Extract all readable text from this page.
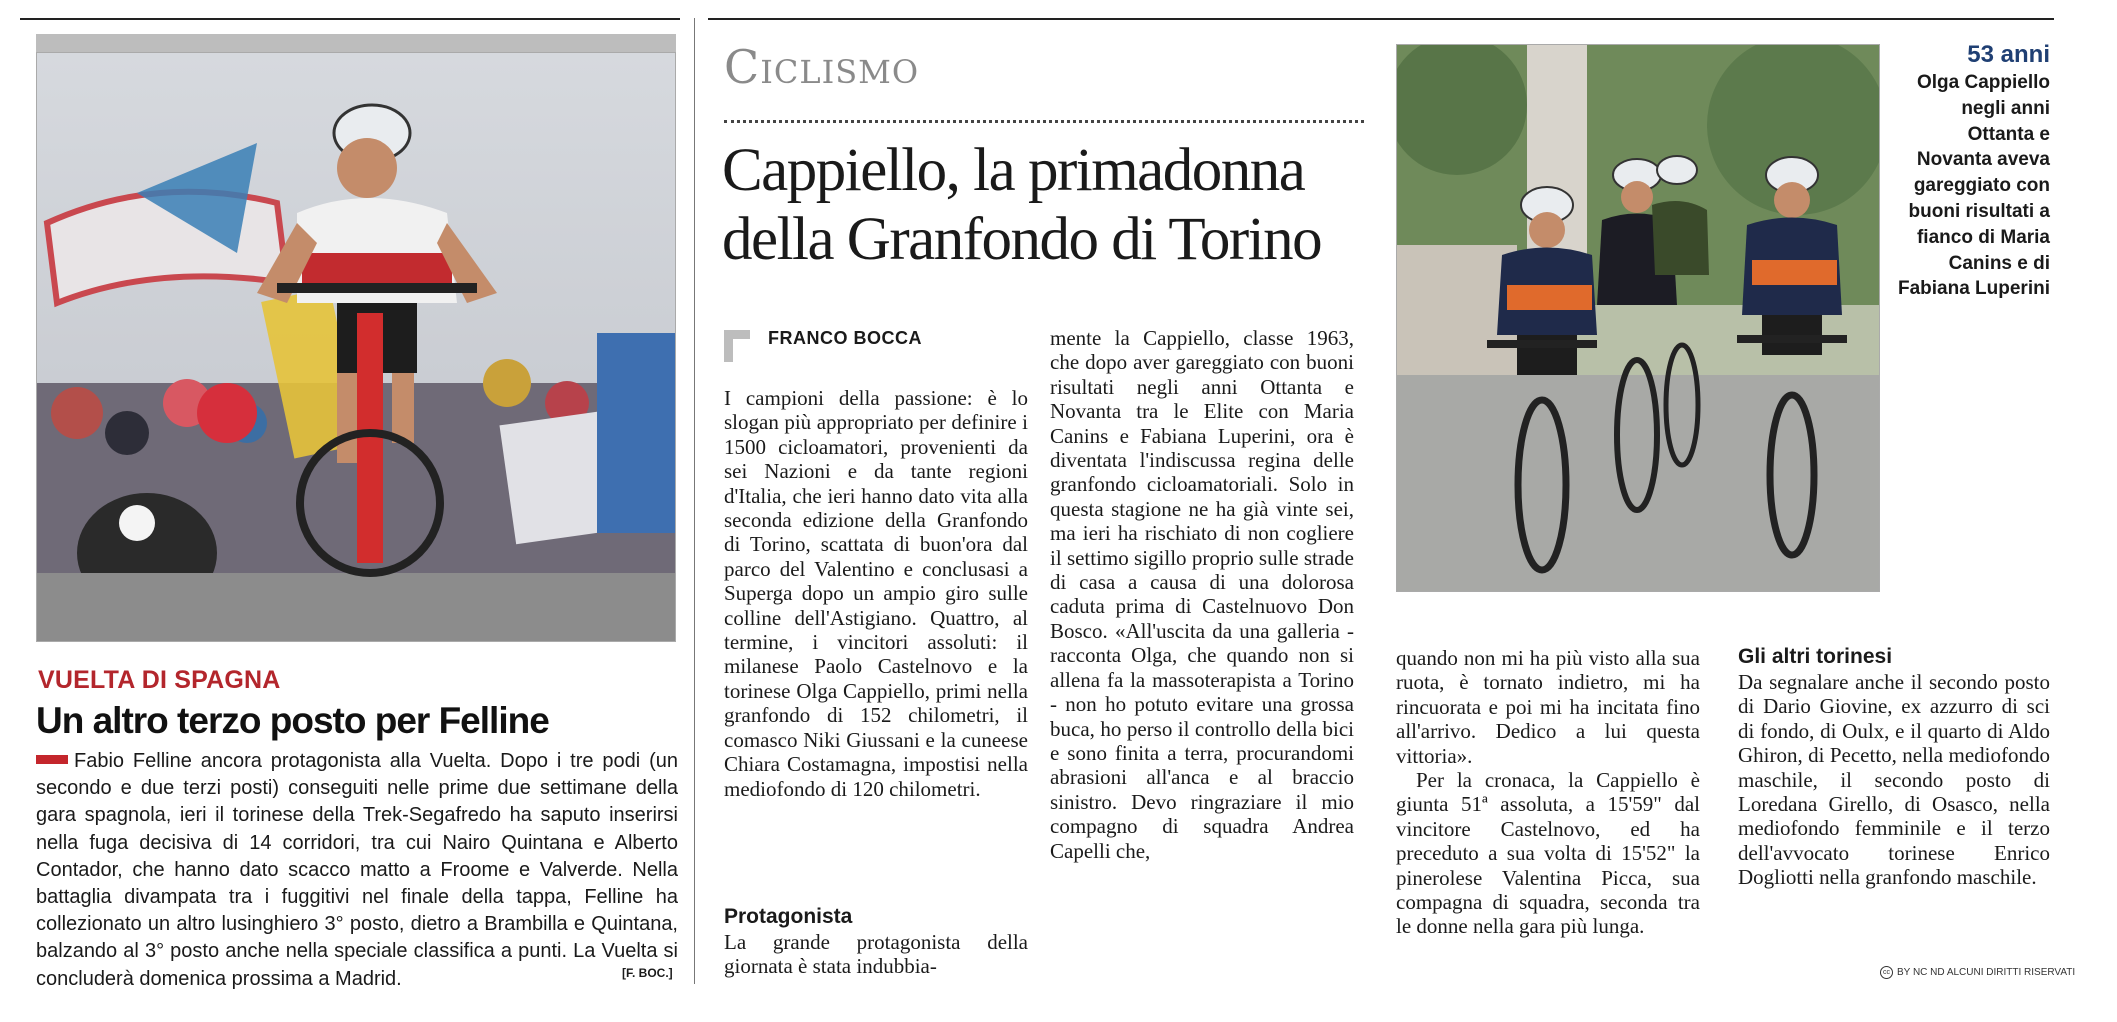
VUELTA DI SPAGNA
Un altro terzo posto per Felline
Fabio Felline ancora protagonista alla Vuelta. Dopo i tre podi (un secondo e due terzi posti) conseguiti nelle prime due settimane della gara spagnola, ieri il torinese della Trek-Segafredo ha saputo inserirsi nella fuga decisiva di 14 corridori, tra cui Nairo Quintana e Alberto Contador, che hanno dato scacco matto a Froome e Valverde. Nella battaglia divampata tra i fuggitivi nel finale della tappa, Felline ha collezionato un altro lusinghiero 3° posto, dietro a Brambilla e Quintana, balzando al 3° posto anche nella speciale classifica a punti. La Vuelta si concluderà domenica prossima a Madrid.	[F. BOC.]
Ciclismo
Cappiello, la primadonna
della Granfondo di Torino
FRANCO BOCCA

I campioni della passione: è lo slogan più appropriato per definire i 1500 cicloamatori, provenienti da sei Nazioni e da tante regioni d'Italia, che ieri hanno dato vita alla seconda edizione della Granfondo di Torino, scattata di buon'ora dal parco del Valentino e conclusasi a Superga dopo un ampio giro sulle colline dell'Astigiano. Quattro, al termine, i vincitori assoluti: il milanese Paolo Castelnovo e la torinese Olga Cappiello, primi nella granfondo di 152 chilometri, il comasco Niki Giussani e la cuneese Chiara Costamagna, impostisi nella mediofondo di 120 chilometri.

Protagonista

La grande protagonista della giornata è stata indubbia-

mente la Cappiello, classe 1963, che dopo aver gareggiato con buoni risultati negli anni Ottanta e Novanta tra le Elite con Maria Canins e Fabiana Luperini, ora è diventata l'indiscussa regina delle granfondo cicloamatoriali. Solo in questa stagione ne ha già vinte sei, ma ieri ha rischiato di non cogliere il settimo sigillo proprio sulle strade di casa a causa di una dolorosa caduta prima di Castelnuovo Don Bosco. «All'uscita da una galleria - racconta Olga, che quando non si allena fa la massoterapista a Torino - non ho potuto evitare una grossa buca, ho perso il controllo della bici e sono finita a terra, procurandomi abrasioni all'anca e al braccio sinistro. Devo ringraziare il mio compagno di squadra Andrea Capelli che,

53 anni
Olga Cappiello negli anni Ottanta e Novanta aveva gareggiato con buoni risultati a fianco di Maria Canins e di Fabiana Luperini

quando non mi ha più visto alla sua ruota, è tornato indietro, mi ha rincuorata e poi mi ha incitata fino all'arrivo. Dedico a lui questa vittoria».

Per la cronaca, la Cappiello è giunta 51ª assoluta, a 15'59" dal vincitore Castelnovo, ed ha preceduto a sua volta di 15'52" la pinerolese Valentina Picca, sua compagna di squadra, seconda tra le donne nella gara più lunga.

Gli altri torinesi

Da segnalare anche il secondo posto di Dario Giovine, ex azzurro di sci di fondo, di Oulx, e il quarto di Aldo Ghiron, di Pecetto, nella mediofondo maschile, il secondo posto di Loredana Girello, di Osasco, nella mediofondo femminile e il terzo dell'avvocato torinese Enrico Dogliotti nella granfondo maschile.

cc BY NC ND ALCUNI DIRITTI RISERVATI
